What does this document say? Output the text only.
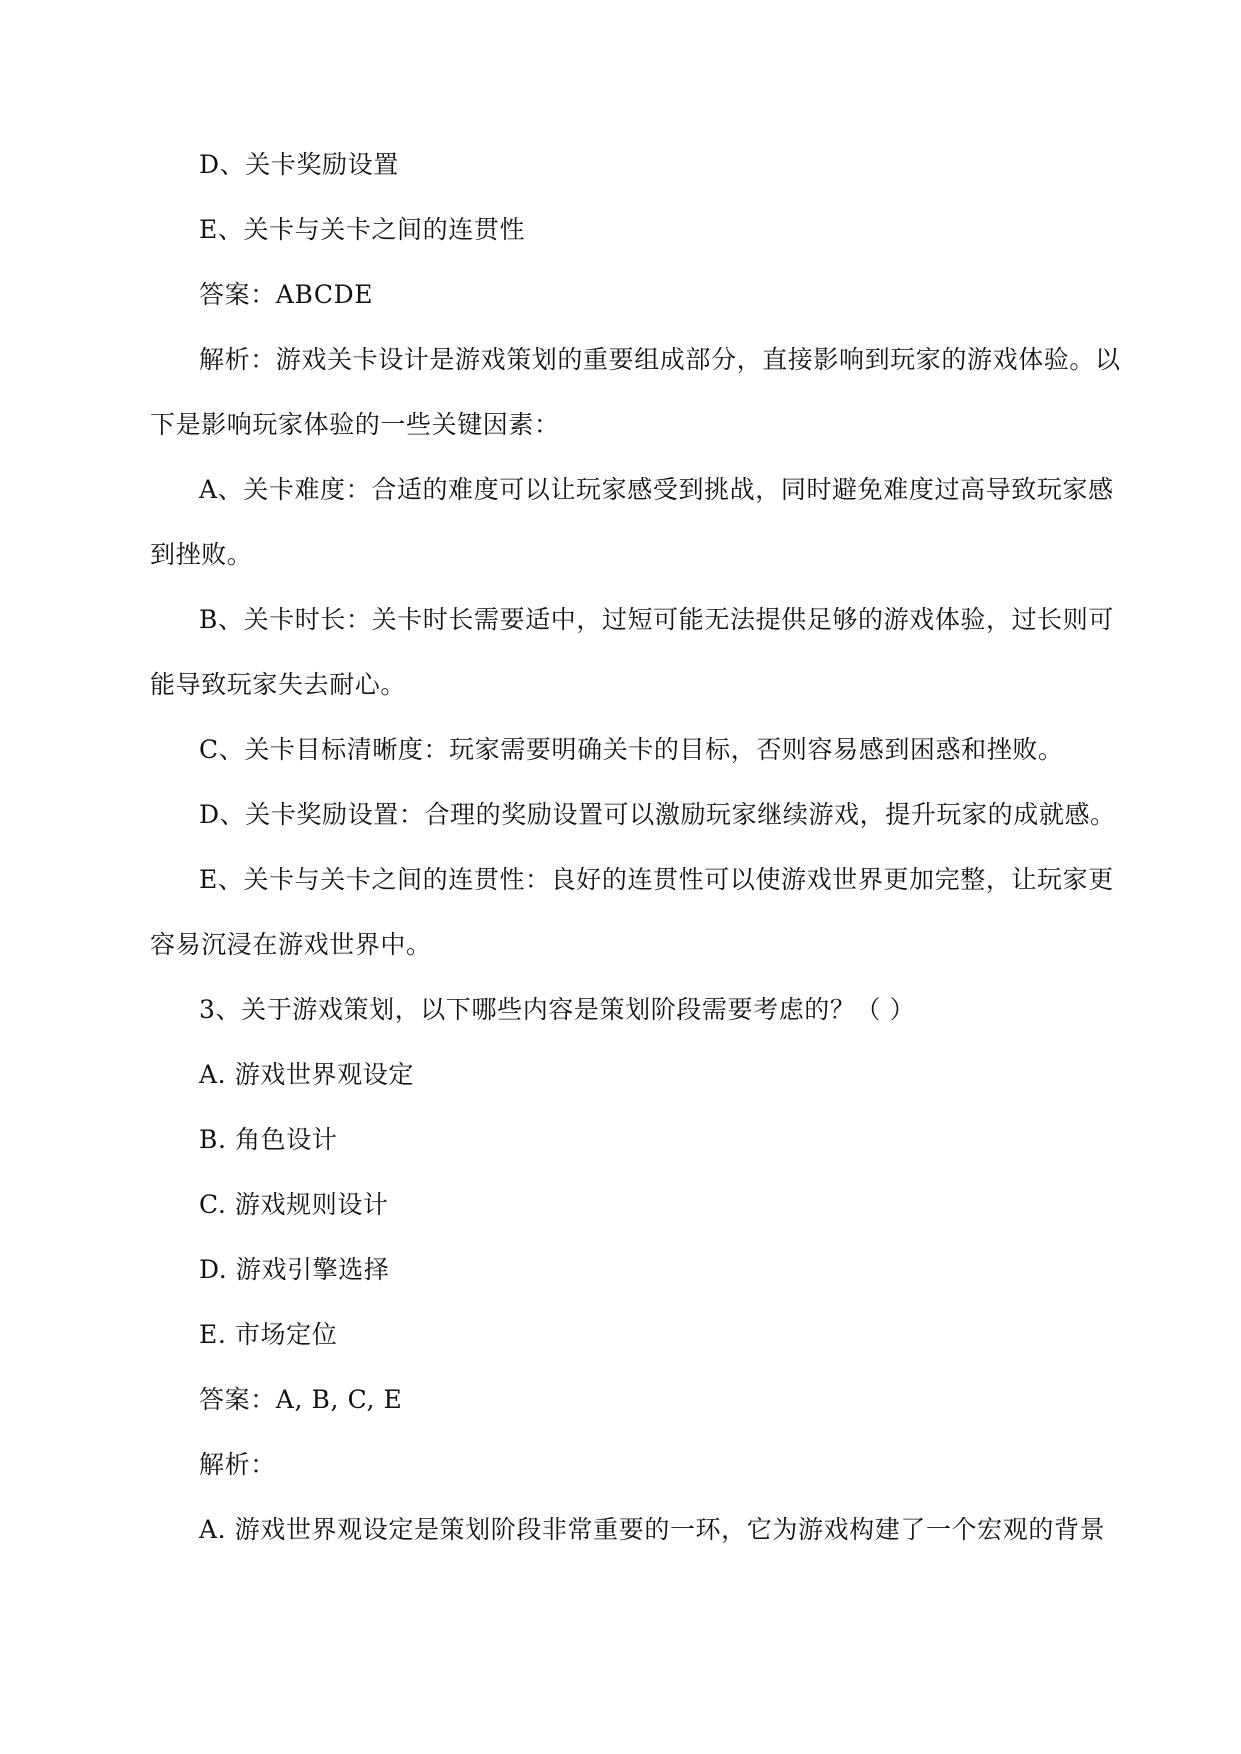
D、关卡奖励设置
E、关卡与关卡之间的连贯性
答案：ABCDE
解析：游戏关卡设计是游戏策划的重要组成部分，直接影响到玩家的游戏体验。以
下是影响玩家体验的一些关键因素：
A、关卡难度：合适的难度可以让玩家感受到挑战，同时避免难度过高导致玩家感
到挫败。
B、关卡时长：关卡时长需要适中，过短可能无法提供足够的游戏体验，过长则可
能导致玩家失去耐心。
C、关卡目标清晰度：玩家需要明确关卡的目标，否则容易感到困惑和挫败。
D、关卡奖励设置：合理的奖励设置可以激励玩家继续游戏，提升玩家的成就感。
E、关卡与关卡之间的连贯性：良好的连贯性可以使游戏世界更加完整，让玩家更
容易沉浸在游戏世界中。
3、关于游戏策划，以下哪些内容是策划阶段需要考虑的？（ ）
A. 游戏世界观设定
B. 角色设计
C. 游戏规则设计
D. 游戏引擎选择
E. 市场定位
答案：A, B, C, E
解析：
A. 游戏世界观设定是策划阶段非常重要的一环，它为游戏构建了一个宏观的背景
